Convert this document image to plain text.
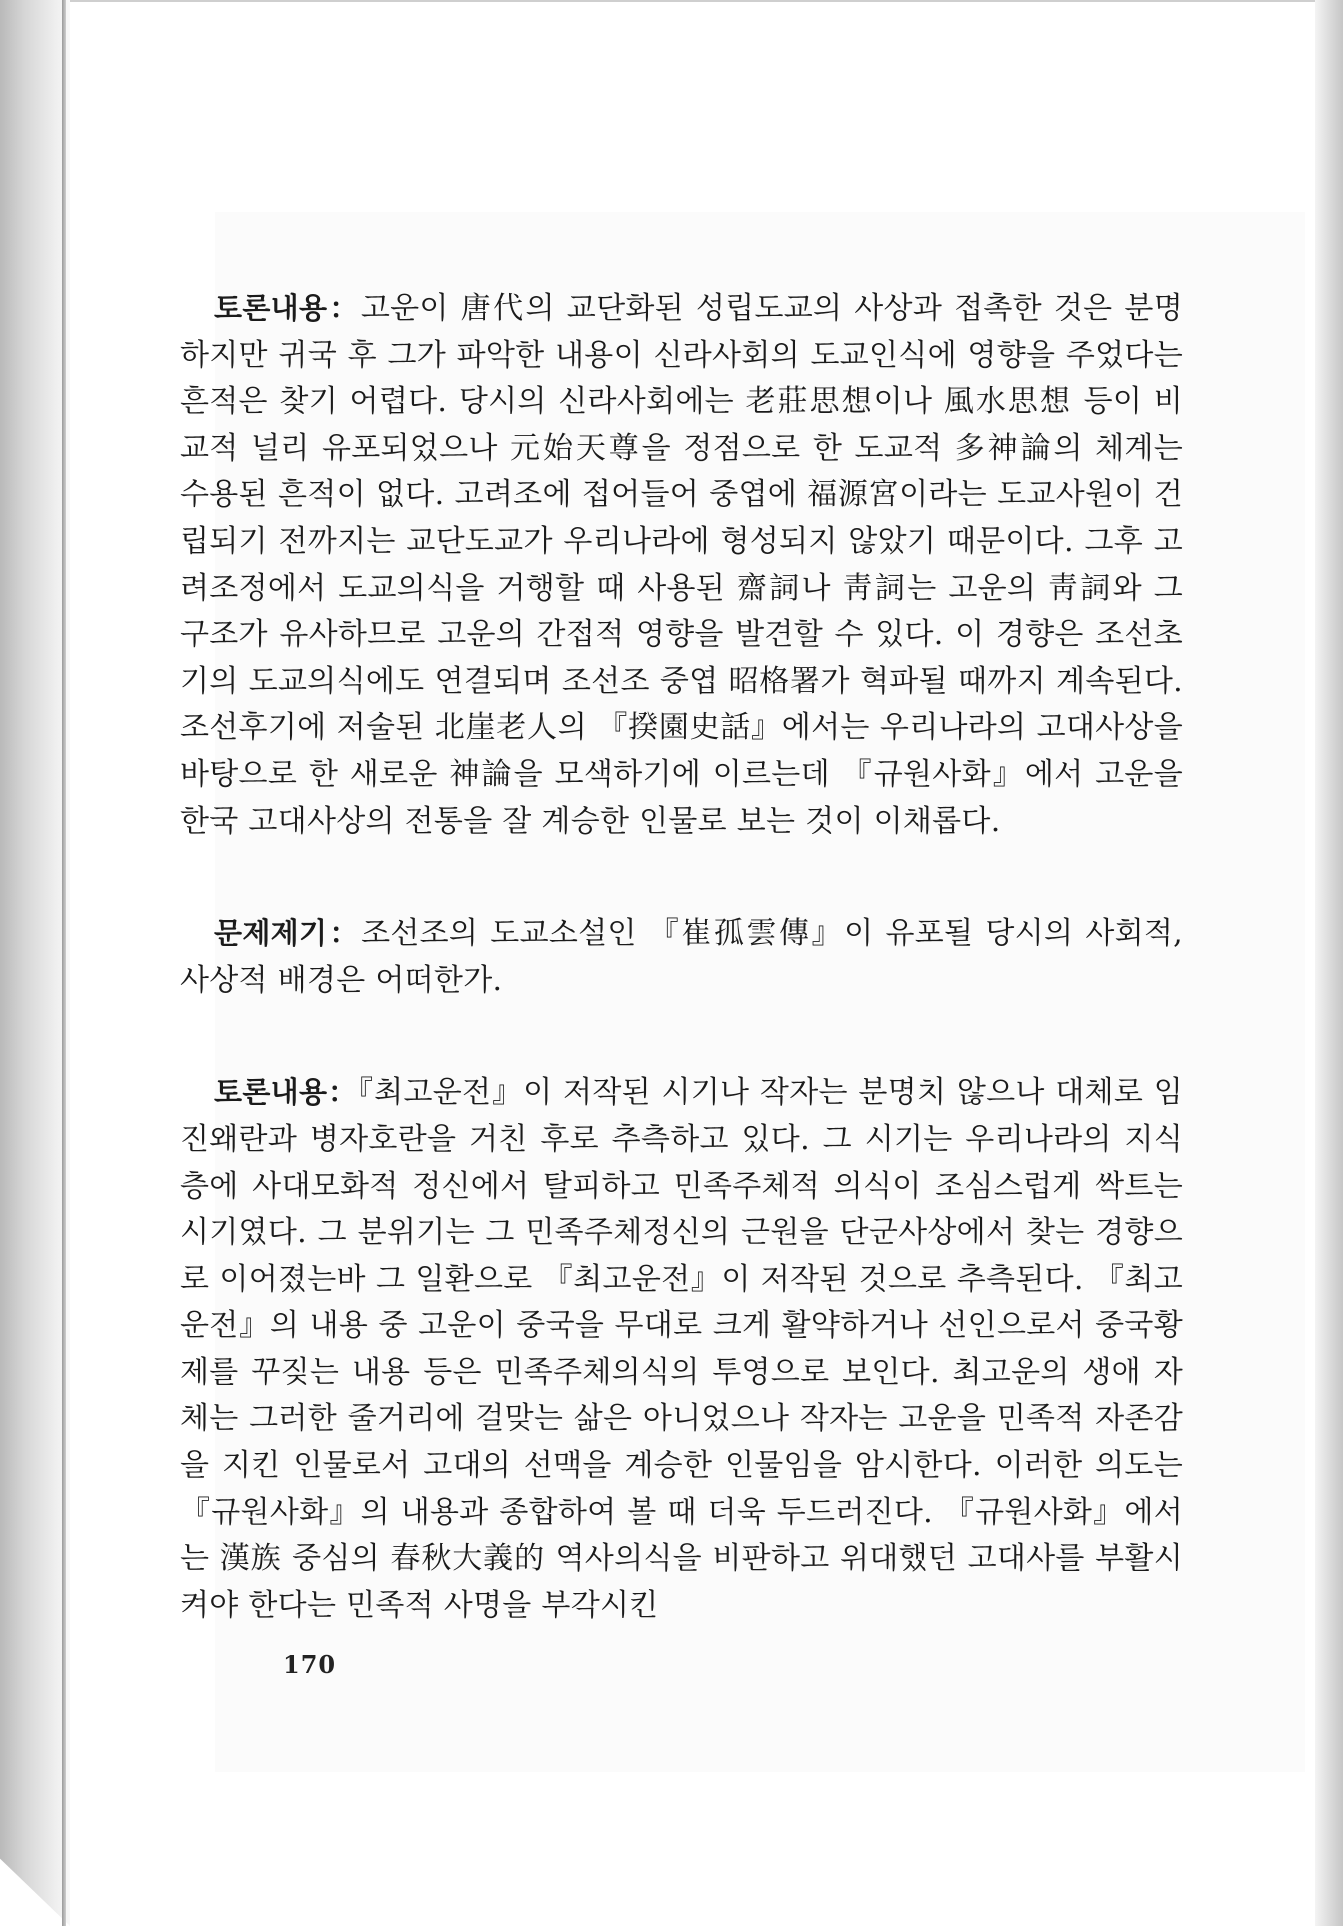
토론내용：고운이 唐代의 교단화된 성립도교의 사상과 접촉한 것은 분명하지만 귀국 후 그가 파악한 내용이 신라사회의 도교인식에 영향을 주었다는 흔적은 찾기 어렵다. 당시의 신라사회에는 老莊思想이나 風水思想 등이 비교적 널리 유포되었으나 元始天尊을 정점으로 한 도교적 多神論의 체계는 수용된 흔적이 없다. 고려조에 접어들어 중엽에 福源宮이라는 도교사원이 건립되기 전까지는 교단도교가 우리나라에 형성되지 않았기 때문이다. 그후 고려조정에서 도교의식을 거행할 때 사용된 齋詞나 靑詞는 고운의 靑詞와 그 구조가 유사하므로 고운의 간접적 영향을 발견할 수 있다. 이 경향은 조선초기의 도교의식에도 연결되며 조선조 중엽 昭格署가 혁파될 때까지 계속된다. 조선후기에 저술된 北崖老人의 『揆園史話』에서는 우리나라의 고대사상을 바탕으로 한 새로운 神論을 모색하기에 이르는데 『규원사화』에서 고운을 한국 고대사상의 전통을 잘 계승한 인물로 보는 것이 이채롭다.

문제제기：조선조의 도교소설인 『崔孤雲傳』이 유포될 당시의 사회적, 사상적 배경은 어떠한가.

토론내용：『최고운전』이 저작된 시기나 작자는 분명치 않으나 대체로 임진왜란과 병자호란을 거친 후로 추측하고 있다. 그 시기는 우리나라의 지식층에 사대모화적 정신에서 탈피하고 민족주체적 의식이 조심스럽게 싹트는 시기였다. 그 분위기는 그 민족주체정신의 근원을 단군사상에서 찾는 경향으로 이어졌는바 그 일환으로 『최고운전』이 저작된 것으로 추측된다. 『최고운전』의 내용 중 고운이 중국을 무대로 크게 활약하거나 선인으로서 중국황제를 꾸짖는 내용 등은 민족주체의식의 투영으로 보인다. 최고운의 생애 자체는 그러한 줄거리에 걸맞는 삶은 아니었으나 작자는 고운을 민족적 자존감을 지킨 인물로서 고대의 선맥을 계승한 인물임을 암시한다. 이러한 의도는 『규원사화』의 내용과 종합하여 볼 때 더욱 두드러진다. 『규원사화』에서는 漢族 중심의 春秋大義的 역사의식을 비판하고 위대했던 고대사를 부활시켜야 한다는 민족적 사명을 부각시킨

170
